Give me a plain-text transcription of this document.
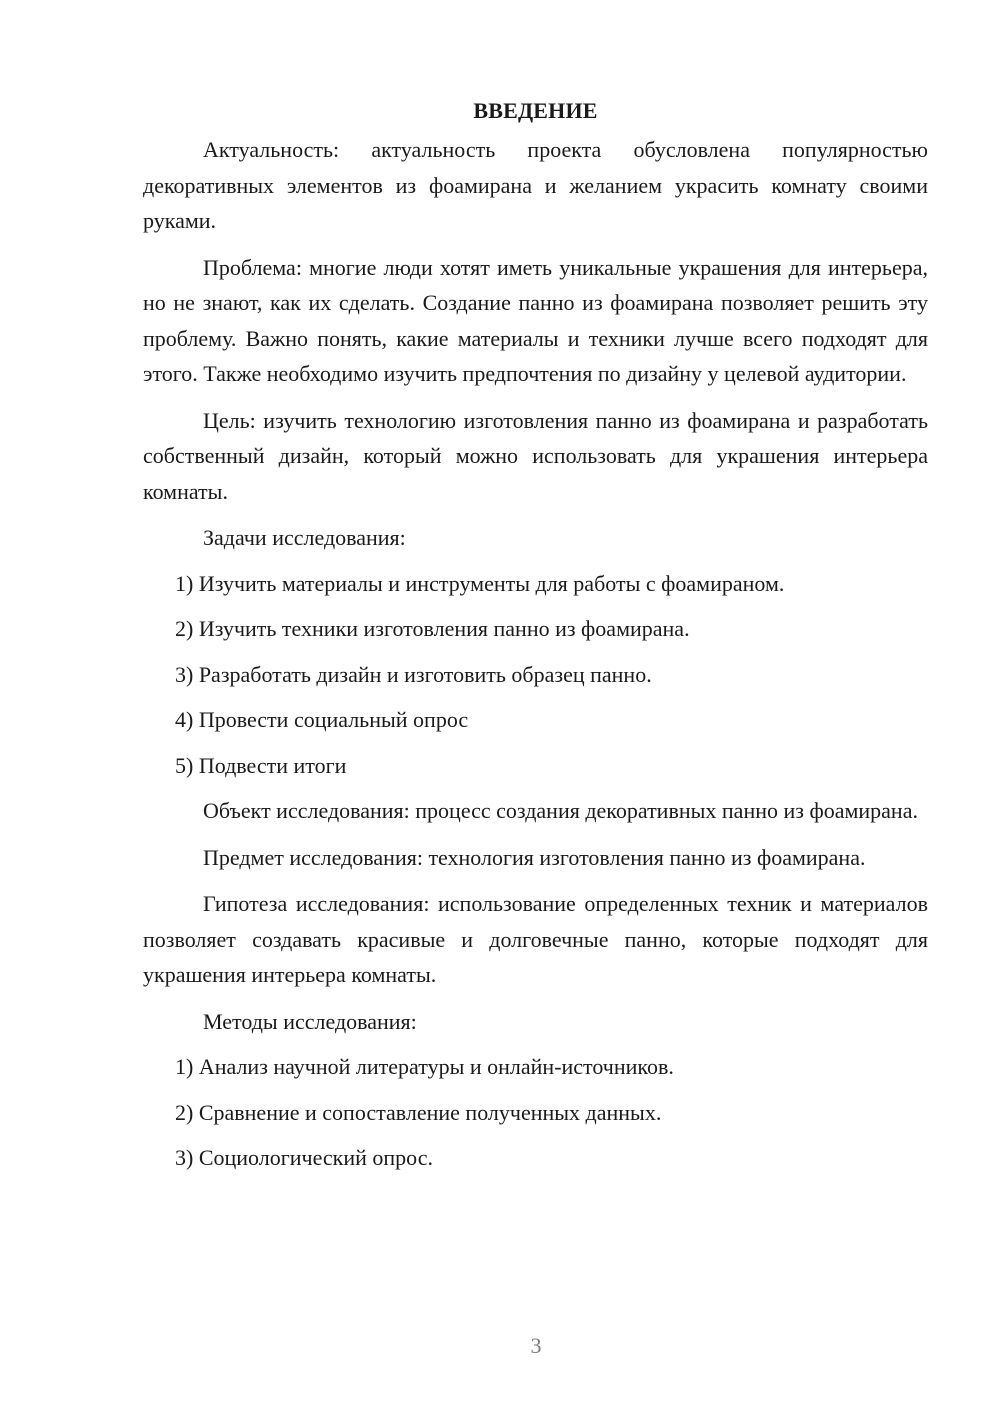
ВВЕДЕНИЕ

Актуальность: актуальность проекта обусловлена популярностью декоративных элементов из фоамирана и желанием украсить комнату своими руками.

Проблема: многие люди хотят иметь уникальные украшения для интерьера, но не знают, как их сделать. Создание панно из фоамирана позволяет решить эту проблему. Важно понять, какие материалы и техники лучше всего подходят для этого. Также необходимо изучить предпочтения по дизайну у целевой аудитории.

Цель: изучить технологию изготовления панно из фоамирана и разработать собственный дизайн, который можно использовать для украшения интерьера комнаты.

Задачи исследования:

1) Изучить материалы и инструменты для работы с фоамираном.
2) Изучить техники изготовления панно из фоамирана.
3) Разработать дизайн и изготовить образец панно.
4) Провести социальный опрос
5) Подвести итоги

Объект исследования: процесс создания декоративных панно из фоамирана.

Предмет исследования: технология изготовления панно из фоамирана.

Гипотеза исследования: использование определенных техник и материалов позволяет создавать красивые и долговечные панно, которые подходят для украшения интерьера комнаты.

Методы исследования:

1) Анализ научной литературы и онлайн-источников.
2) Сравнение и сопоставление полученных данных.
3) Социологический опрос.
3
